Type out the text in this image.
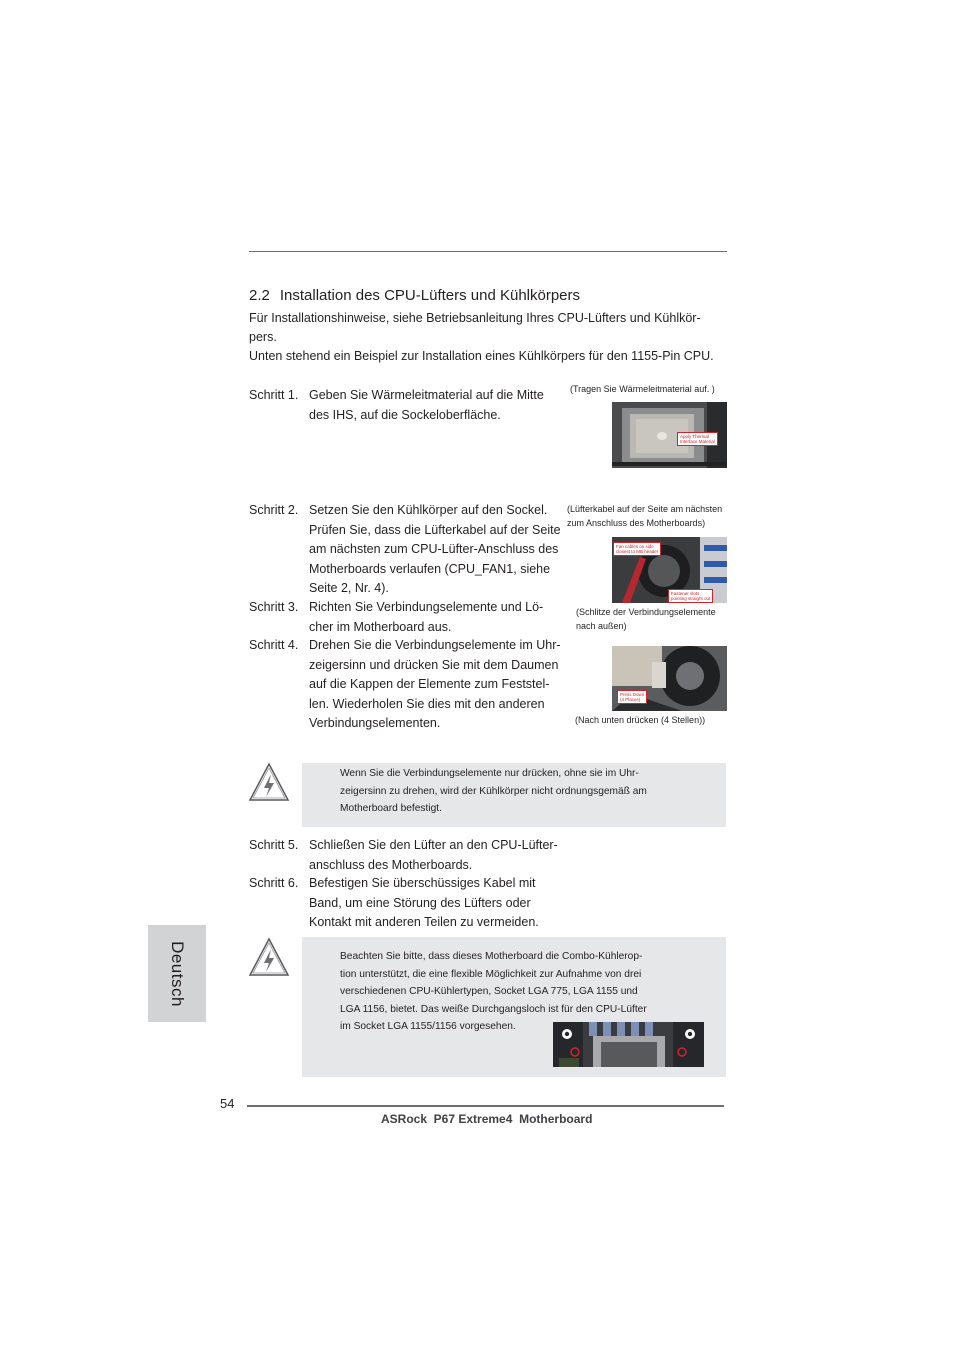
2.2 Installation des CPU-Lüfters und Kühlkörpers
Für Installationshinweise, siehe Betriebsanleitung Ihres CPU-Lüfters und Kühlkör-
pers.
Unten stehend ein Beispiel zur Installation eines Kühlkörpers für den 1155-Pin CPU.
Schritt 1. Geben Sie Wärmeleitmaterial auf die Mitte
des IHS, auf die Sockeloberfläche.
Schritt 2. Setzen Sie den Kühlkörper auf den Sockel.
Prüfen Sie, dass die Lüfterkabel auf der Seite
am nächsten zum CPU-Lüfter-Anschluss des
Motherboards verlaufen (CPU_FAN1, siehe
Seite 2, Nr. 4).
Schritt 3. Richten Sie Verbindungselemente und Lö-
cher im Motherboard aus.
Schritt 4. Drehen Sie die Verbindungselemente im Uhr-
zeigersinn und drücken Sie mit dem Daumen
auf die Kappen der Elemente zum Feststel-
len. Wiederholen Sie dies mit den anderen
Verbindungselementen.
(Tragen Sie Wärmeleitmaterial auf. )
(Lüfterkabel auf der Seite am nächsten
zum Anschluss des Motherboards)
(Schlitze der Verbindungselemente
nach außen)
(Nach unten drücken (4 Stellen))
Apply Thermal
Interface Material
Fan cables on side
closest to MB header
Fastener slots
pointing straight out
Press Down
(4 Places)
Wenn Sie die Verbindungselemente nur drücken, ohne sie im Uhr-
zeigersinn zu drehen, wird der Kühlkörper nicht ordnungsgemäß am
Motherboard befestigt.
Schritt 5. Schließen Sie den Lüfter an den CPU-Lüfter-
anschluss des Motherboards.
Schritt 6. Befestigen Sie überschüssiges Kabel mit
Band, um eine Störung des Lüfters oder
Kontakt mit anderen Teilen zu vermeiden.
Deutsch	Beachten Sie bitte, dass dieses Motherboard die Combo-Kühlerop-
tion unterstützt, die eine flexible Möglichkeit zur Aufnahme von drei
verschiedenen CPU-Kühlertypen, Socket LGA 775, LGA 1155 und
LGA 1156, bietet. Das weiße Durchgangsloch ist für den CPU-Lüfter
im Socket LGA 1155/1156 vorgesehen.
54
ASRock  P67 Extreme4  Motherboard
